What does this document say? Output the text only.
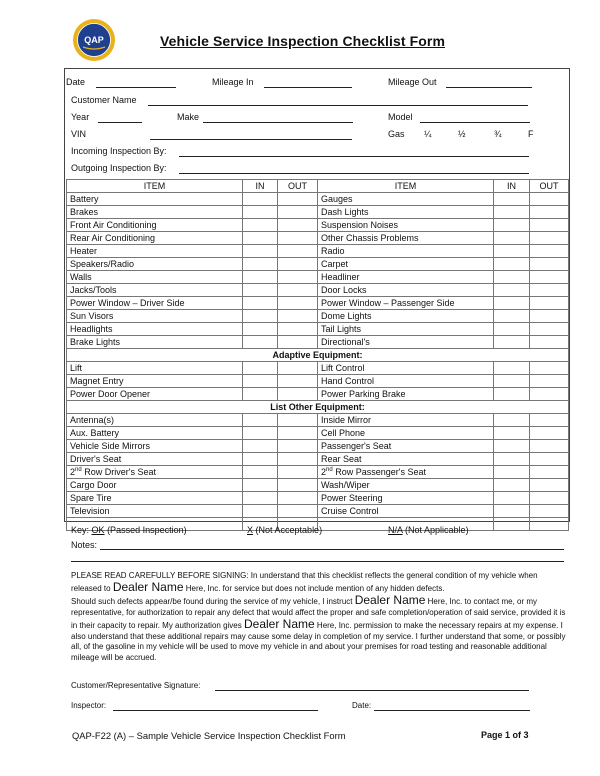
QAP	Vehicle Service Inspection Checklist Form
Date	Mileage In	Mileage Out
Customer Name
Year	Make	Model
VIN	Gas ¼	½	¾	F
Incoming Inspection By:
Outgoing Inspection By:
ITEM	IN	OUT	ITEM	IN	OUT
Battery			Gauges		
Brakes			Dash Lights		
Front Air Conditioning			Suspension Noises		
Rear Air Conditioning			Other Chassis Problems		
Heater			Radio		
Speakers/Radio			Carpet		
Walls			Headliner		
Jacks/Tools			Door Locks		
Power Window – Driver Side			Power Window – Passenger Side		
Sun Visors			Dome Lights		
Headlights			Tail Lights		
Brake Lights			Directional's		
Adaptive Equipment:					
Lift			Lift Control		
Magnet Entry			Hand Control		
Power Door Opener			Power Parking Brake		
List Other Equipment:					
Antenna(s)			Inside Mirror		
Aux. Battery			Cell Phone		
Vehicle Side Mirrors			Passenger's Seat		
Driver's Seat			Rear Seat		
2nd Row Driver's Seat			2nd Row Passenger's Seat		
Cargo Door			Wash/Wiper		
Spare Tire			Power Steering		
Television			Cruise Control		

Key: OK (Passed Inspection)	X (Not Acceptable)	N/A (Not Applicable)
Notes:
PLEASE READ CAREFULLY BEFORE SIGNING: In understand that this checklist reflects the general condition of my vehicle when released to Dealer Name Here, Inc. for service but does not include mention of any hidden defects.
Should such defects appear/be found during the service of my vehicle, I instruct Dealer Name Here, Inc. to contact me, or my representative, for authorization to repair any defect that would affect the proper and safe completion/operation of said service, provided it is in their capacity to repair. My authorization gives Dealer Name Here, Inc. permission to make the necessary repairs at my expense. I also understand that these additional repairs may cause some delay in completion of my service. I further understand that some, or possibly all, of the gasoline in my vehicle will be used to move my vehicle in and about your premises for road testing and reasonable additional mileage will be accrued.
Customer/Representative Signature:
Inspector:	Date:
QAP-F22 (A) – Sample Vehicle Service Inspection Checklist Form	Page 1 of 3
